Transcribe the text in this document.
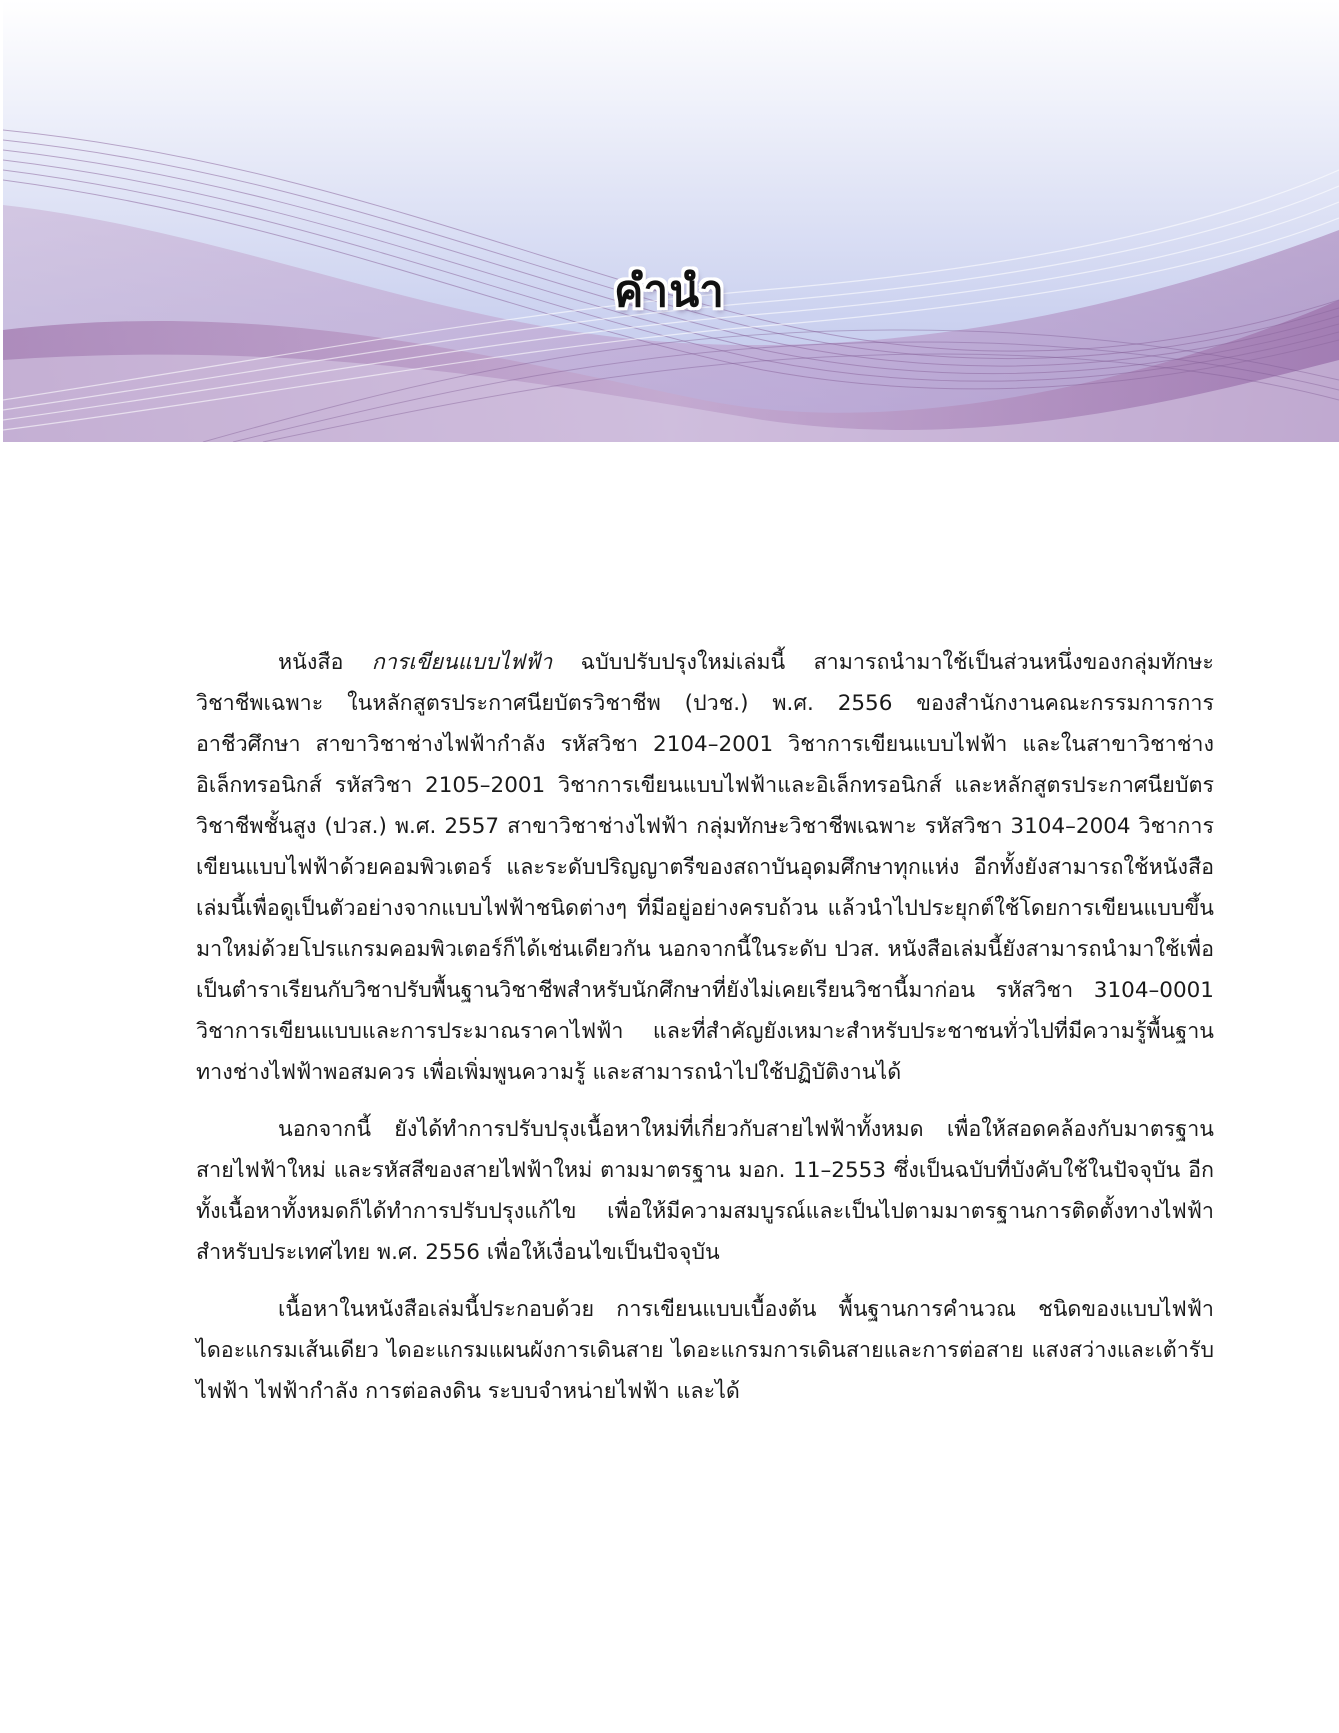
คำนำ

หนังสือ การเขียนแบบไฟฟ้า ฉบับปรับปรุงใหม่เล่มนี้ สามารถนำมาใช้เป็นส่วนหนึ่งของกลุ่มทักษะวิชาชีพเฉพาะ ในหลักสูตรประกาศนียบัตรวิชาชีพ (ปวช.) พ.ศ. 2556 ของสำนักงานคณะกรรมการการอาชีวศึกษา สาขาวิชาช่างไฟฟ้ากำลัง รหัสวิชา 2104–2001 วิชาการเขียนแบบไฟฟ้า และในสาขาวิชาช่างอิเล็กทรอนิกส์ รหัสวิชา 2105–2001 วิชาการเขียนแบบไฟฟ้าและอิเล็กทรอนิกส์ และหลักสูตรประกาศนียบัตรวิชาชีพชั้นสูง (ปวส.) พ.ศ. 2557 สาขาวิชาช่างไฟฟ้า กลุ่มทักษะวิชาชีพเฉพาะ รหัสวิชา 3104–2004 วิชาการเขียนแบบไฟฟ้าด้วยคอมพิวเตอร์ และระดับปริญญาตรีของสถาบันอุดมศึกษาทุกแห่ง อีกทั้งยังสามารถใช้หนังสือเล่มนี้เพื่อดูเป็นตัวอย่างจากแบบไฟฟ้าชนิดต่างๆ ที่มีอยู่อย่างครบถ้วน แล้วนำไปประยุกต์ใช้โดยการเขียนแบบขึ้นมาใหม่ด้วยโปรแกรมคอมพิวเตอร์ก็ได้เช่นเดียวกัน นอกจากนี้ในระดับ ปวส. หนังสือเล่มนี้ยังสามารถนำมาใช้เพื่อเป็นตำราเรียนกับวิชาปรับพื้นฐานวิชาชีพสำหรับนักศึกษาที่ยังไม่เคยเรียนวิชานี้มาก่อน รหัสวิชา 3104–0001 วิชาการเขียนแบบและการประมาณราคาไฟฟ้า และที่สำคัญยังเหมาะสำหรับประชาชนทั่วไปที่มีความรู้พื้นฐานทางช่างไฟฟ้าพอสมควร เพื่อเพิ่มพูนความรู้ และสามารถนำไปใช้ปฏิบัติงานได้

นอกจากนี้ ยังได้ทำการปรับปรุงเนื้อหาใหม่ที่เกี่ยวกับสายไฟฟ้าทั้งหมด เพื่อให้สอดคล้องกับมาตรฐานสายไฟฟ้าใหม่ และรหัสสีของสายไฟฟ้าใหม่ ตามมาตรฐาน มอก. 11–2553 ซึ่งเป็นฉบับที่บังคับใช้ในปัจจุบัน อีกทั้งเนื้อหาทั้งหมดก็ได้ทำการปรับปรุงแก้ไข เพื่อให้มีความสมบูรณ์และเป็นไปตามมาตรฐานการติดตั้งทางไฟฟ้าสำหรับประเทศไทย พ.ศ. 2556 เพื่อให้เงื่อนไขเป็นปัจจุบัน

เนื้อหาในหนังสือเล่มนี้ประกอบด้วย การเขียนแบบเบื้องต้น พื้นฐานการคำนวณ ชนิดของแบบไฟฟ้า ไดอะแกรมเส้นเดียว ไดอะแกรมแผนผังการเดินสาย ไดอะแกรมการเดินสายและการต่อสาย แสงสว่างและเต้ารับไฟฟ้า ไฟฟ้ากำลัง การต่อลงดิน ระบบจำหน่ายไฟฟ้า และได้
